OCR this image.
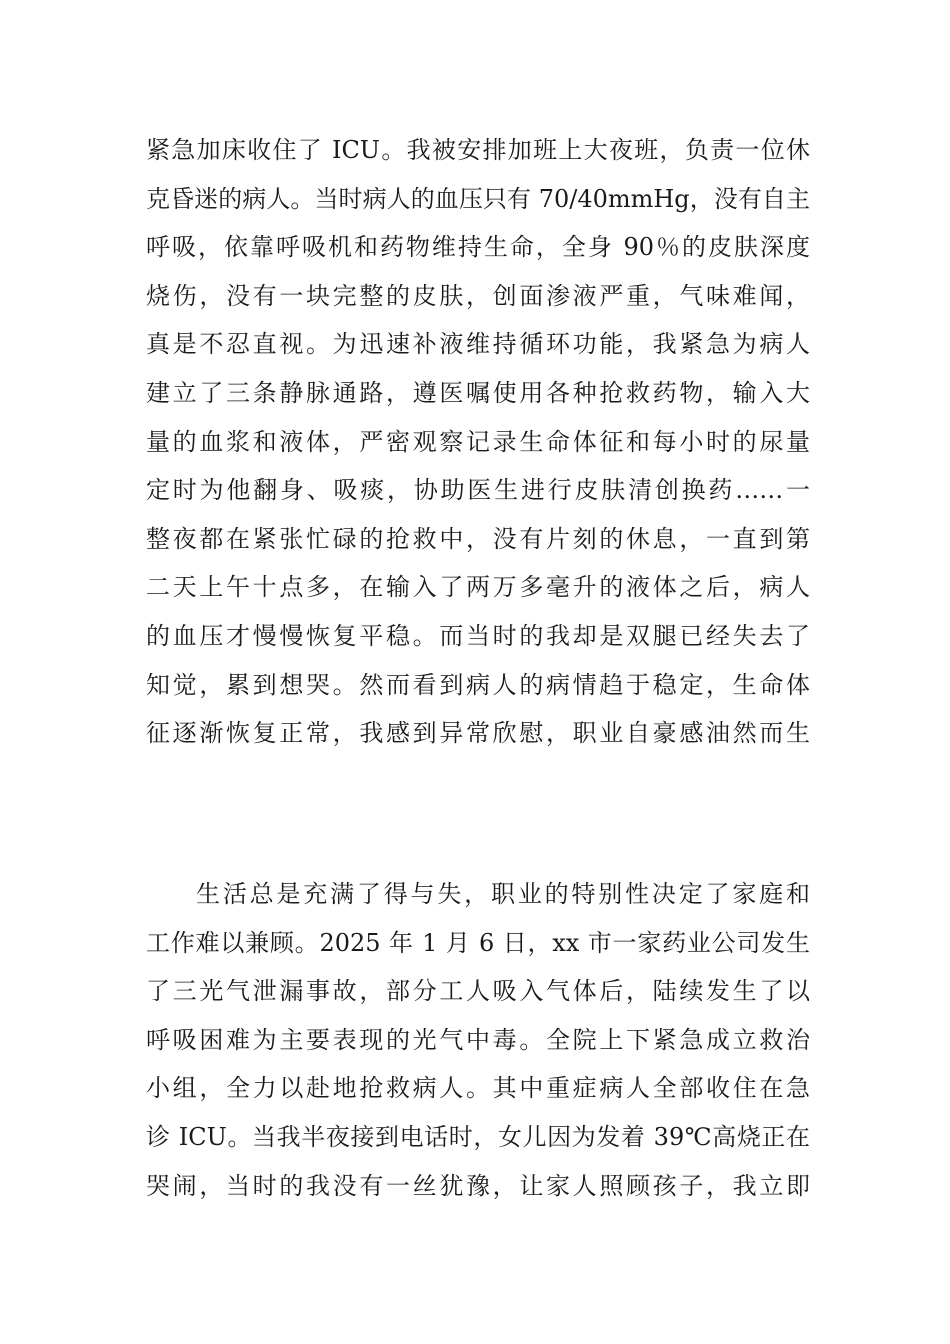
紧急加床收住了 ICU。我被安排加班上大夜班，负责一位休
克昏迷的病人。当时病人的血压只有 70/40mmHg，没有自主
呼吸，依靠呼吸机和药物维持生命，全身 90％的皮肤深度
烧伤，没有一块完整的皮肤，创面渗液严重，气味难闻，
真是不忍直视。为迅速补液维持循环功能，我紧急为病人
建立了三条静脉通路，遵医嘱使用各种抢救药物，输入大
量的血浆和液体，严密观察记录生命体征和每小时的尿量
定时为他翻身、吸痰，协助医生进行皮肤清创换药……一
整夜都在紧张忙碌的抢救中，没有片刻的休息，一直到第
二天上午十点多，在输入了两万多毫升的液体之后，病人
的血压才慢慢恢复平稳。而当时的我却是双腿已经失去了
知觉，累到想哭。然而看到病人的病情趋于稳定，生命体
征逐渐恢复正常，我感到异常欣慰，职业自豪感油然而生
生活总是充满了得与失，职业的特别性决定了家庭和
工作难以兼顾。2025 年 1 月 6 日，xx 市一家药业公司发生
了三光气泄漏事故，部分工人吸入气体后，陆续发生了以
呼吸困难为主要表现的光气中毒。全院上下紧急成立救治
小组，全力以赴地抢救病人。其中重症病人全部收住在急
诊 ICU。当我半夜接到电话时，女儿因为发着 39℃高烧正在
哭闹，当时的我没有一丝犹豫，让家人照顾孩子，我立即
